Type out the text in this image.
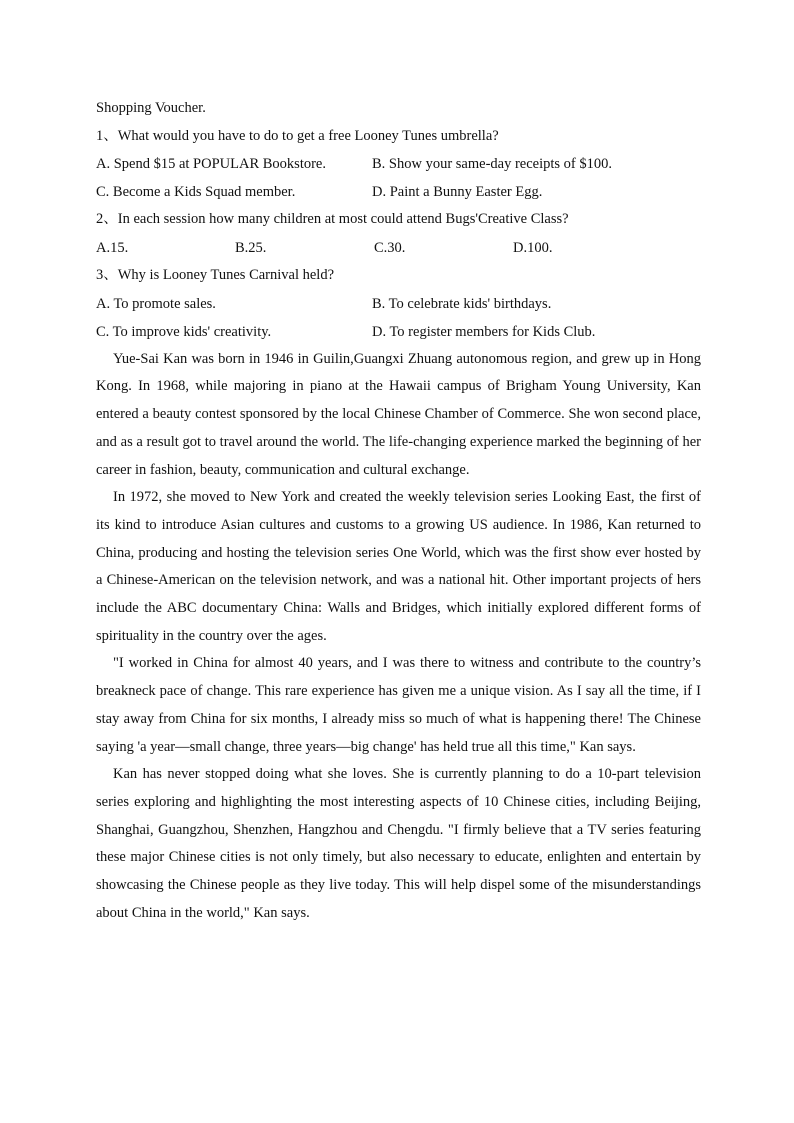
Shopping Voucher.
1、What would you have to do to get a free Looney Tunes umbrella?
A. Spend $15 at POPULAR Bookstore.	B. Show your same-day receipts of $100.
C. Become a Kids Squad member.	D. Paint a Bunny Easter Egg.
2、In each session how many children at most could attend Bugs'Creative Class?
A.15.	B.25.	C.30.	D.100.
3、Why is Looney Tunes Carnival held?
A. To promote sales.	B. To celebrate kids' birthdays.
C. To improve kids' creativity.	D. To register members for Kids Club.

Yue-Sai Kan was born in 1946 in Guilin,Guangxi Zhuang autonomous region, and grew up in Hong Kong. In 1968, while majoring in piano at the Hawaii campus of Brigham Young University, Kan entered a beauty contest sponsored by the local Chinese Chamber of Commerce. She won second place, and as a result got to travel around the world. The life-changing experience marked the beginning of her career in fashion, beauty, communication and cultural exchange.

In 1972, she moved to New York and created the weekly television series Looking East, the first of its kind to introduce Asian cultures and customs to a growing US audience. In 1986, Kan returned to China, producing and hosting the television series One World, which was the first show ever hosted by a Chinese-American on the television network, and was a national hit. Other important projects of hers include the ABC documentary China: Walls and Bridges, which initially explored different forms of spirituality in the country over the ages.

"I worked in China for almost 40 years, and I was there to witness and contribute to the country’s breakneck pace of change. This rare experience has given me a unique vision. As I say all the time, if I stay away from China for six months, I already miss so much of what is happening there! The Chinese saying 'a year—small change, three years—big change' has held true all this time," Kan says.

Kan has never stopped doing what she loves. She is currently planning to do a 10-part television series exploring and highlighting the most interesting aspects of 10 Chinese cities, including Beijing, Shanghai, Guangzhou, Shenzhen, Hangzhou and Chengdu. "I firmly believe that a TV series featuring these major Chinese cities is not only timely, but also necessary to educate, enlighten and entertain by showcasing the Chinese people as they live today. This will help dispel some of the misunderstandings about China in the world," Kan says.
